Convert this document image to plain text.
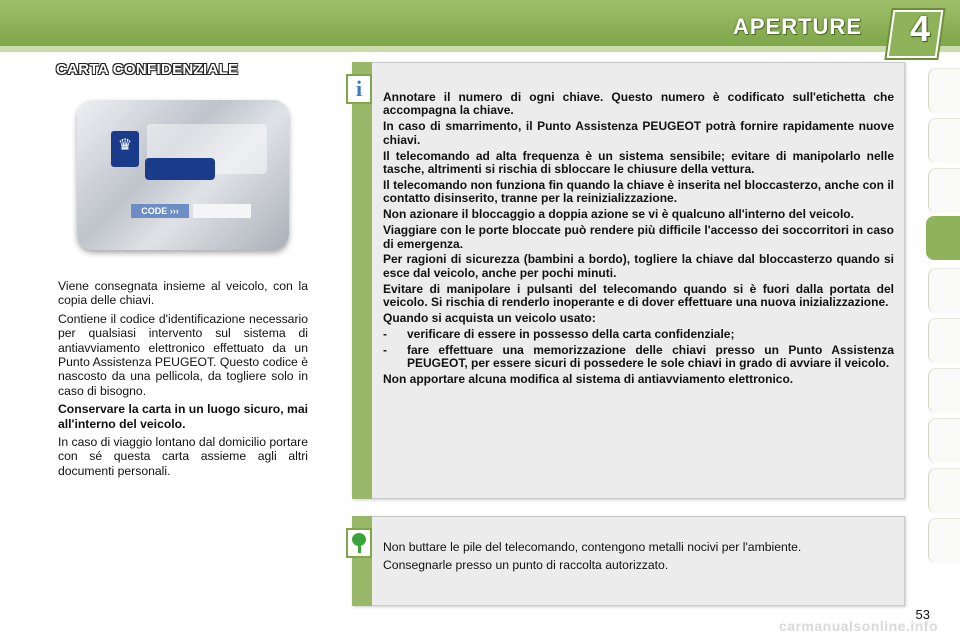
APERTURE 4
CARTA CONFIDENZIALE
♛
CODE ›››

Viene consegnata insieme al veicolo, con la copia delle chiavi.

Contiene il codice d'identificazione necessario per qualsiasi intervento sul sistema di antiavviamento elettronico effettuato da un Punto Assistenza PEUGEOT. Questo codice è nascosto da una pellicola, da togliere solo in caso di bisogno.

Conservare la carta in un luogo sicuro, mai all'interno del veicolo.

In caso di viaggio lontano dal domicilio portare con sé questa carta assieme agli altri documenti personali.

i	Annotare il numero di ogni chiave. Questo numero è codificato sull'etichetta che accompagna la chiave.

In caso di smarrimento, il Punto Assistenza PEUGEOT potrà fornire rapidamente nuove chiavi.

Il telecomando ad alta frequenza è un sistema sensibile; evitare di manipolarlo nelle tasche, altrimenti si rischia di sbloccare le chiusure della vettura.

Il telecomando non funziona fin quando la chiave è inserita nel bloccasterzo, anche con il contatto disinserito, tranne per la reinizializzazione.

Non azionare il bloccaggio a doppia azione se vi è qualcuno all'interno del veicolo.

Viaggiare con le porte bloccate può rendere più difficile l'accesso dei soccorritori in caso di emergenza.

Per ragioni di sicurezza (bambini a bordo), togliere la chiave dal bloccasterzo quando si esce dal veicolo, anche per pochi minuti.

Evitare di manipolare i pulsanti del telecomando quando si è fuori dalla portata del veicolo. Si rischia di renderlo inoperante e di dover effettuare una nuova inizializzazione.

Quando si acquista un veicolo usato:

-	verificare di essere in possesso della carta confidenziale;
-	fare effettuare una memorizzazione delle chiavi presso un Punto Assistenza PEUGEOT, per essere sicuri di possedere le sole chiavi in grado di avviare il veicolo.

Non apportare alcuna modifica al sistema di antiavviamento elettronico.

Non buttare le pile del telecomando, contengono metalli nocivi per l'ambiente.

Consegnarle presso un punto di raccolta autorizzato.

53
carmanualsonline.info
